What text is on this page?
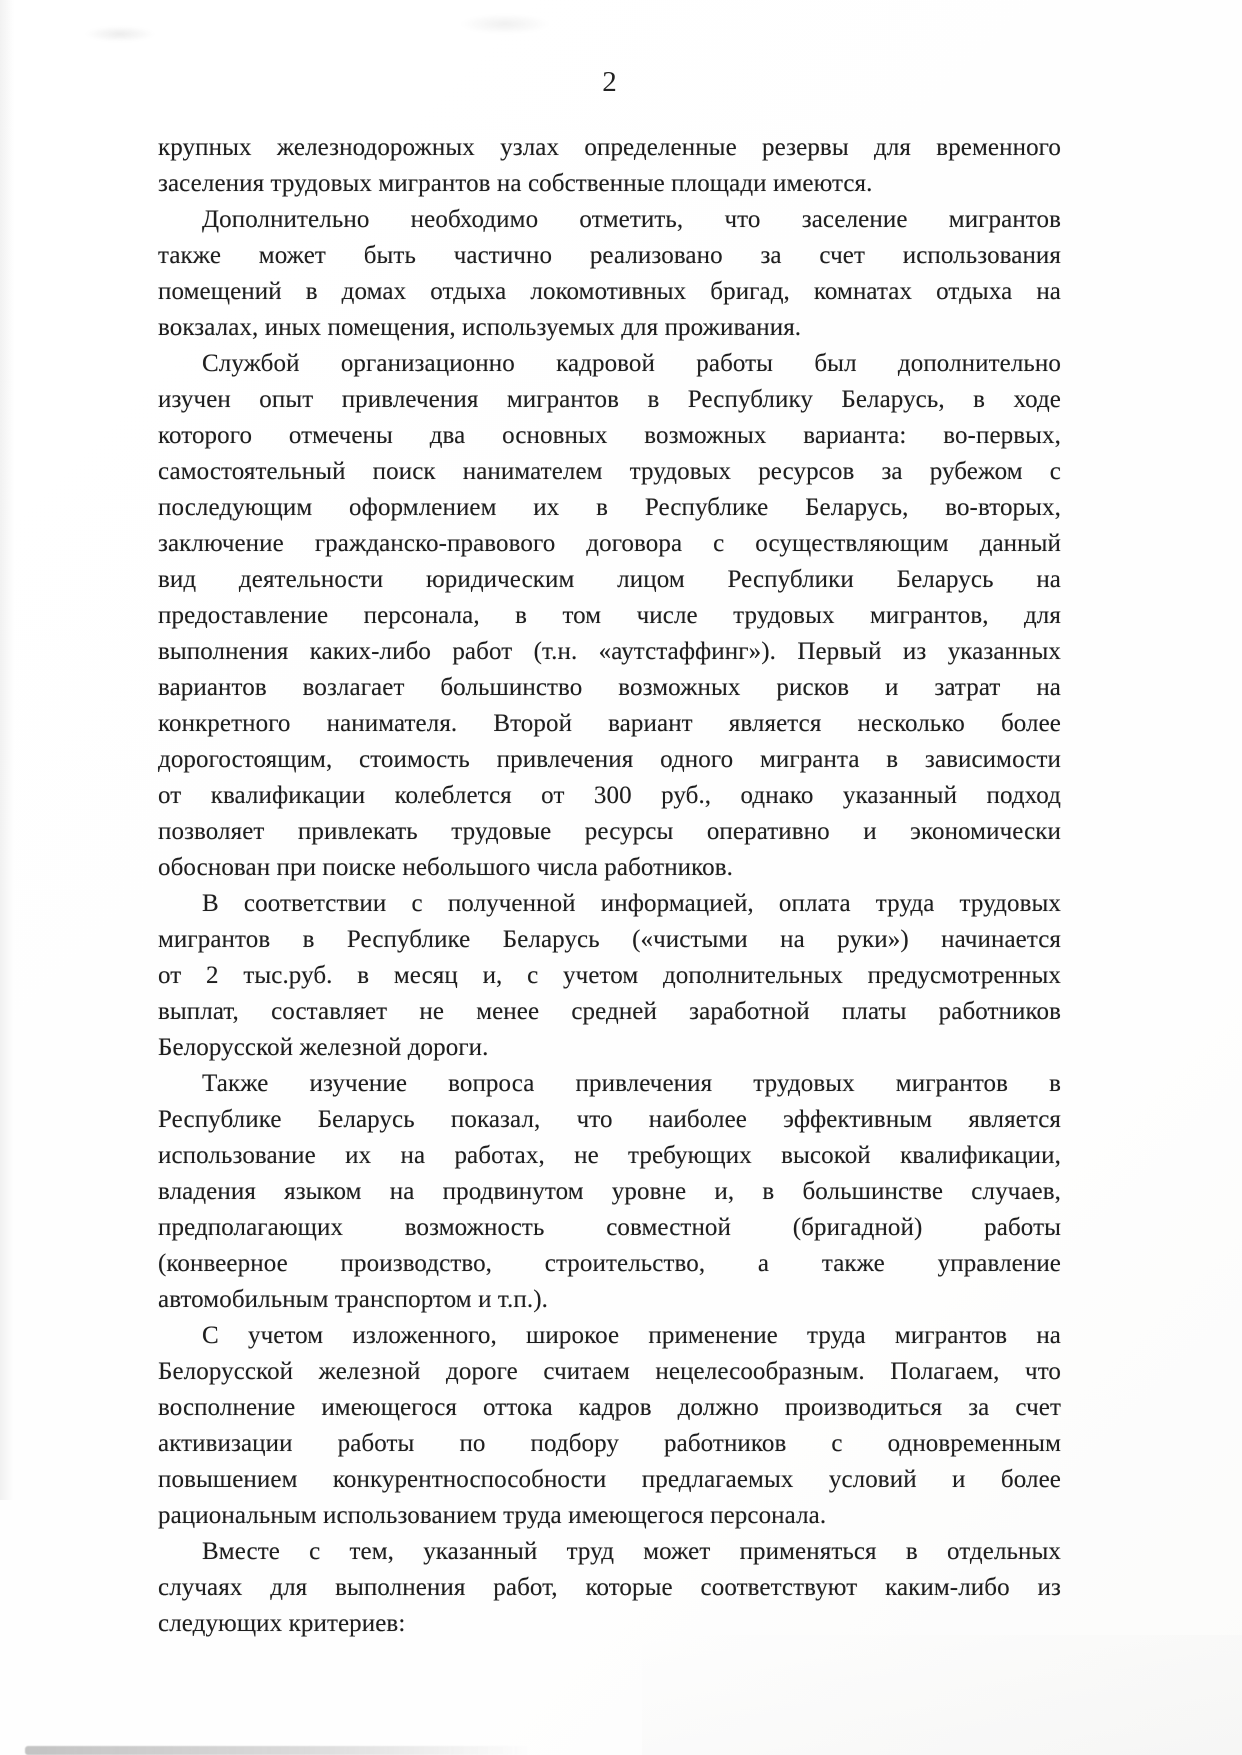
2
крупных железнодорожных узлах определенные резервы для временного
заселения трудовых мигрантов на собственные площади имеются.
Дополнительно необходимо отметить, что заселение мигрантов
также может быть частично реализовано за счет использования
помещений в домах отдыха локомотивных бригад, комнатах отдыха на
вокзалах, иных помещения, используемых для проживания.
Службой организационно кадровой работы был дополнительно
изучен опыт привлечения мигрантов в Республику Беларусь, в ходе
которого отмечены два основных возможных варианта: во-первых,
самостоятельный поиск нанимателем трудовых ресурсов за рубежом с
последующим оформлением их в Республике Беларусь, во-вторых,
заключение гражданско-правового договора с осуществляющим данный
вид деятельности юридическим лицом Республики Беларусь на
предоставление персонала, в том числе трудовых мигрантов, для
выполнения каких-либо работ (т.н. «аутстаффинг»). Первый из указанных
вариантов возлагает большинство возможных рисков и затрат на
конкретного нанимателя. Второй вариант является несколько более
дорогостоящим, стоимость привлечения одного мигранта в зависимости
от квалификации колеблется от 300 руб., однако указанный подход
позволяет привлекать трудовые ресурсы оперативно и экономически
обоснован при поиске небольшого числа работников.
В соответствии с полученной информацией, оплата труда трудовых
мигрантов в Республике Беларусь («чистыми на руки») начинается
от 2 тыс.руб. в месяц и, с учетом дополнительных предусмотренных
выплат, составляет не менее средней заработной платы работников
Белорусской железной дороги.
Также изучение вопроса привлечения трудовых мигрантов в
Республике Беларусь показал, что наиболее эффективным является
использование их на работах, не требующих высокой квалификации,
владения языком на продвинутом уровне и, в большинстве случаев,
предполагающих возможность совместной (бригадной) работы
(конвеерное производство, строительство, а также управление
автомобильным транспортом и т.п.).
С учетом изложенного, широкое применение труда мигрантов на
Белорусской железной дороге считаем нецелесообразным. Полагаем, что
восполнение имеющегося оттока кадров должно производиться за счет
активизации работы по подбору работников с одновременным
повышением конкурентноспособности предлагаемых условий и более
рациональным использованием труда имеющегося персонала.
Вместе с тем, указанный труд может применяться в отдельных
случаях для выполнения работ, которые соответствуют каким-либо из
следующих критериев:
